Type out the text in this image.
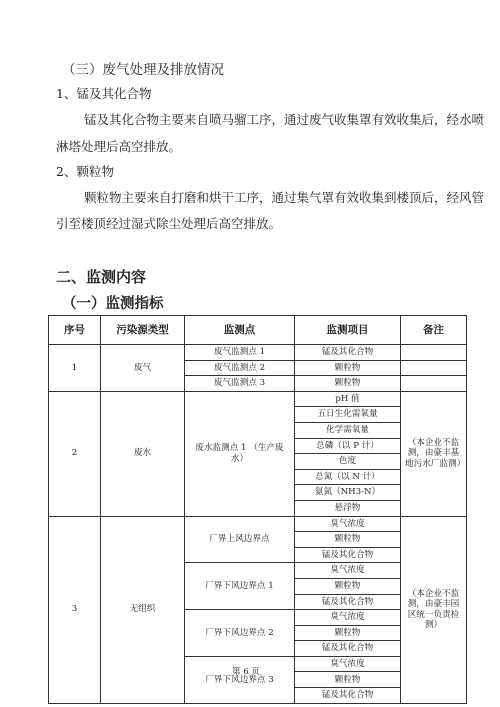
（三）废气处理及排放情况
1、锰及其化合物
锰及其化合物主要来自喷马骝工序，通过废气收集罩有效收集后，经水喷
淋塔处理后高空排放。
2、颗粒物
颗粒物主要来自打磨和烘干工序，通过集气罩有效收集到楼顶后，经风管
引至楼顶经过湿式除尘处理后高空排放。
二、监测内容
（一）监测指标
序号	污染源类型	监测点	监测项目	备注
1	废气	废气监测点 1	锰及其化合物	
		废气监测点 2	颗粒物	
		废气监测点 3	颗粒物	
2	废水	废水监测点 1 （生产废水）	pH 值	（本企业不监测，由豪丰基地污水厂监测）
			五日生化需氧量	
			化学需氧量	
			总磷（以 P 计）	
			色度	
			总氮（以 N 计）	
			氨氮（NH3-N）	
			悬浮物	
3	无组织	厂界上风边界点	臭气浓度	（本企业不监测，由豪丰园区统一负责检测）
			颗粒物	
			锰及其化合物	
		厂界下风边界点 1	臭气浓度	
			颗粒物	
			锰及其化合物	
		厂界下风边界点 2	臭气浓度	
			颗粒物	
			锰及其化合物	
		厂界下风边界点 3	臭气浓度	
			颗粒物	
			锰及其化合物	
第 6 页
